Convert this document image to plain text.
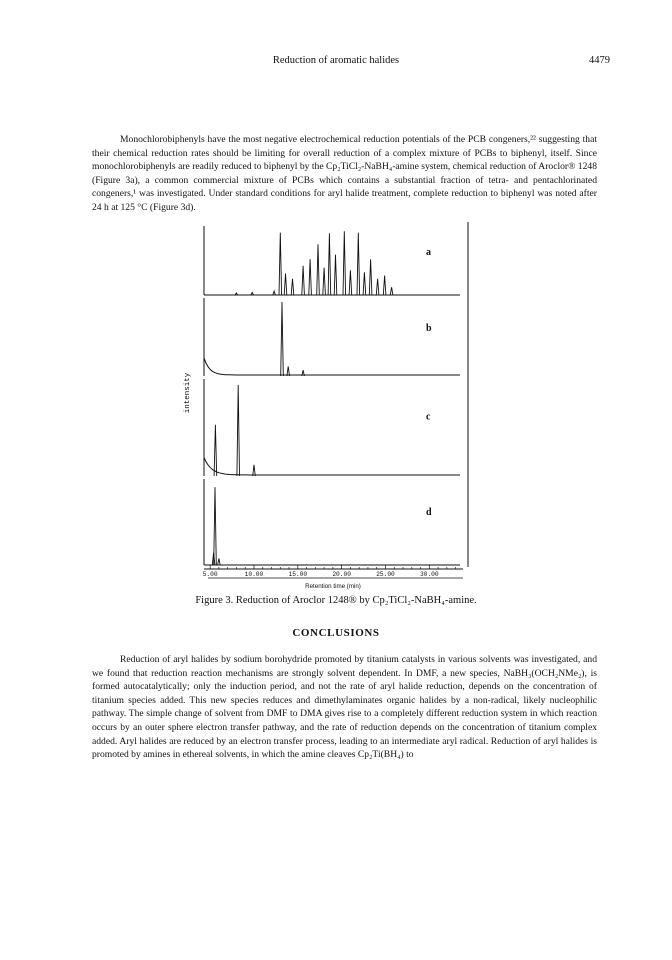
Reduction of aromatic halides	4479

Monochlorobiphenyls have the most negative electrochemical reduction potentials of the PCB congeners,²² suggesting that their chemical reduction rates should be limiting for overall reduction of a complex mixture of PCBs to biphenyl, itself. Since monochlorobiphenyls are readily reduced to biphenyl by the Cp₂TiCl₂-NaBH₄-amine system, chemical reduction of Aroclor® 1248 (Figure 3a), a common commercial mixture of PCBs which contains a substantial fraction of tetra- and pentachlorinated congeners,¹ was investigated. Under standard conditions for aryl halide treatment, complete reduction to biphenyl was noted after 24 h at 125 °C (Figure 3d).

a
b
c
d
5.00	10.00	15.00	20.00	25.00	30.00
Retention time (min)
intensity
Figure 3. Reduction of Aroclor 1248® by Cp₂TiCl₂-NaBH₄-amine.
CONCLUSIONS

Reduction of aryl halides by sodium borohydride promoted by titanium catalysts in various solvents was investigated, and we found that reduction reaction mechanisms are strongly solvent dependent. In DMF, a new species, NaBH₃(OCH₂NMe₂), is formed autocatalytically; only the induction period, and not the rate of aryl halide reduction, depends on the concentration of titanium species added. This new species reduces and dimethylaminates organic halides by a non-radical, likely nucleophilic pathway. The simple change of solvent from DMF to DMA gives rise to a completely different reduction system in which reaction occurs by an outer sphere electron transfer pathway, and the rate of reduction depends on the concentration of titanium complex added. Aryl halides are reduced by an electron transfer process, leading to an intermediate aryl radical. Reduction of aryl halides is promoted by amines in ethereal solvents, in which the amine cleaves Cp₂Ti(BH₄) to
